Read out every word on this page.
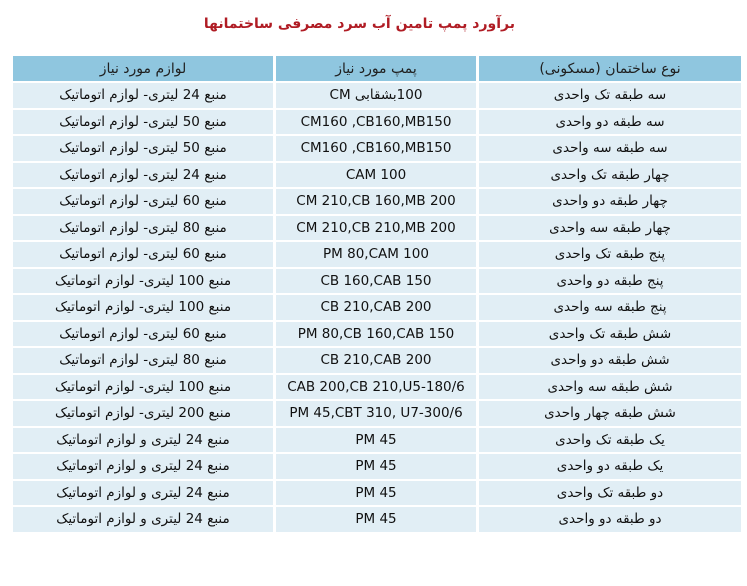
برآورد پمپ تامین آب سرد مصرفی ساختمانها
نوع ساختمان (مسکونی)	پمپ مورد نیاز	لوازم مورد نیاز
سه طبقه تک واحدی	100بشقابی CM	منبع 24 لیتری- لوازم اتوماتیک
سه طبقه دو واحدی	CM160 ,CB160,MB150	منبع 50 لیتری- لوازم اتوماتیک
سه طبقه سه واحدی	CM160 ,CB160,MB150	منبع 50 لیتری- لوازم اتوماتیک
چهار طبقه تک واحدی	CAM 100	منبع 24 لیتری- لوازم اتوماتیک
چهار طبقه دو واحدی	CM 210,CB 160,MB 200	منبع 60 لیتری- لوازم اتوماتیک
چهار طبقه سه واحدی	CM 210,CB 210,MB 200	منبع 80 لیتری- لوازم اتوماتیک
پنج طبقه تک واحدی	PM 80,CAM 100	منبع 60 لیتری- لوازم اتوماتیک
پنج طبقه دو واحدی	CB 160,CAB 150	منبع 100 لیتری- لوازم اتوماتیک
پنج طبقه سه واحدی	CB 210,CAB 200	منبع 100 لیتری- لوازم اتوماتیک
شش طبقه تک واحدی	PM 80,CB 160,CAB 150	منبع 60 لیتری- لوازم اتوماتیک
شش طبقه دو واحدی	CB 210,CAB 200	منبع 80 لیتری- لوازم اتوماتیک
شش طبقه سه واحدی	CAB 200,CB 210,U5-180/6	منبع 100 لیتری- لوازم اتوماتیک
شش طبقه چهار واحدی	PM 45,CBT 310, U7-300/6	منبع 200 لیتری- لوازم اتوماتیک
یک طبقه تک واحدی	PM 45	منبع 24 لیتری و لوازم اتوماتیک
یک طبقه دو واحدی	PM 45	منبع 24 لیتری و لوازم اتوماتیک
دو طبقه تک واحدی	PM 45	منبع 24 لیتری و لوازم اتوماتیک
دو طبقه دو واحدی	PM 45	منبع 24 لیتری و لوازم اتوماتیک
